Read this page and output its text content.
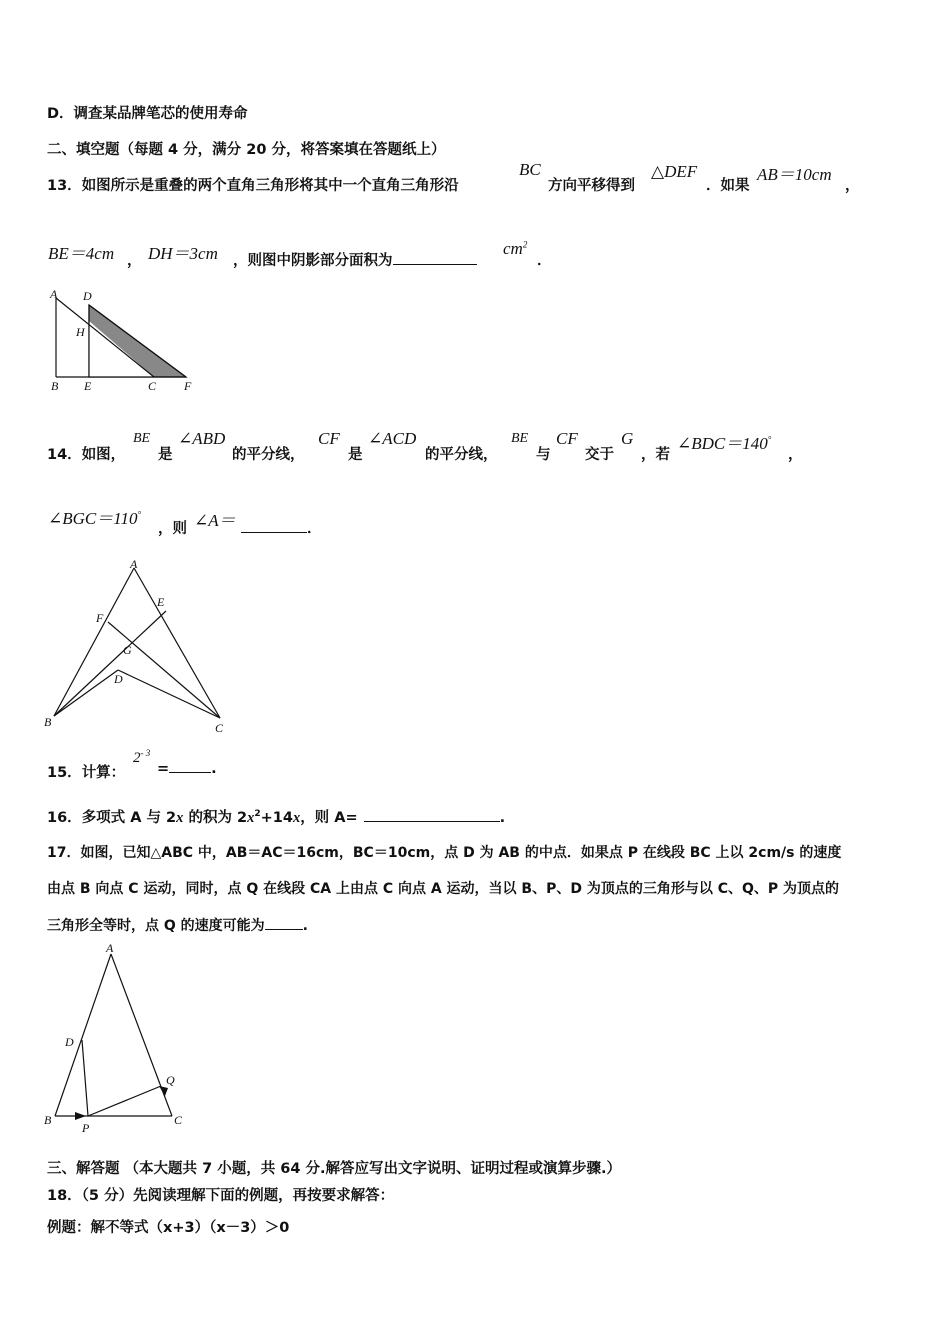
D．调查某品牌笔芯的使用寿命
二、填空题（每题 4 分，满分 20 分，将答案填在答题纸上）
13．如图所示是重叠的两个直角三角形将其中一个直角三角形沿
BC
方向平移得到
△DEF
．如果
AB＝10cm
，
BE＝4cm ， DH＝3cm ，则图中阴影部分面积为
$cm^2$
．
A D
H
B E	C F
14．如图，
BE
是
∠ABD
的平分线，
CF
是
∠ACD
的平分线，
BE
与
CF
交于
G
，若
∠BDC＝140°
，
∠BGC＝110°
，则 ∠A＝	．
A
E
F
G
D
B	C
15．计算：
$2^{- 3}$
=	.
16．多项式 A 与 2x 的积为 $2x^2+14x$，则 A=	.
17．如图，已知△ABC 中，AB＝AC＝16cm，BC＝10cm，点 D 为 AB 的中点．如果点 P 在线段 BC 上以 2cm/s 的速度
由点 B 向点 C 运动，同时，点 Q 在线段 CA 上由点 C 向点 A 运动，当以 B、P、D 为顶点的三角形与以 C、Q、P 为顶点的
三角形全等时，点 Q 的速度可能为	.
A
D
Q
B
P
C
三、解答题 （本大题共 7 小题，共 64 分.解答应写出文字说明、证明过程或演算步骤.）
18．（5 分）先阅读理解下面的例题，再按要求解答：
例题：解不等式（x+3）（x－3）＞0
